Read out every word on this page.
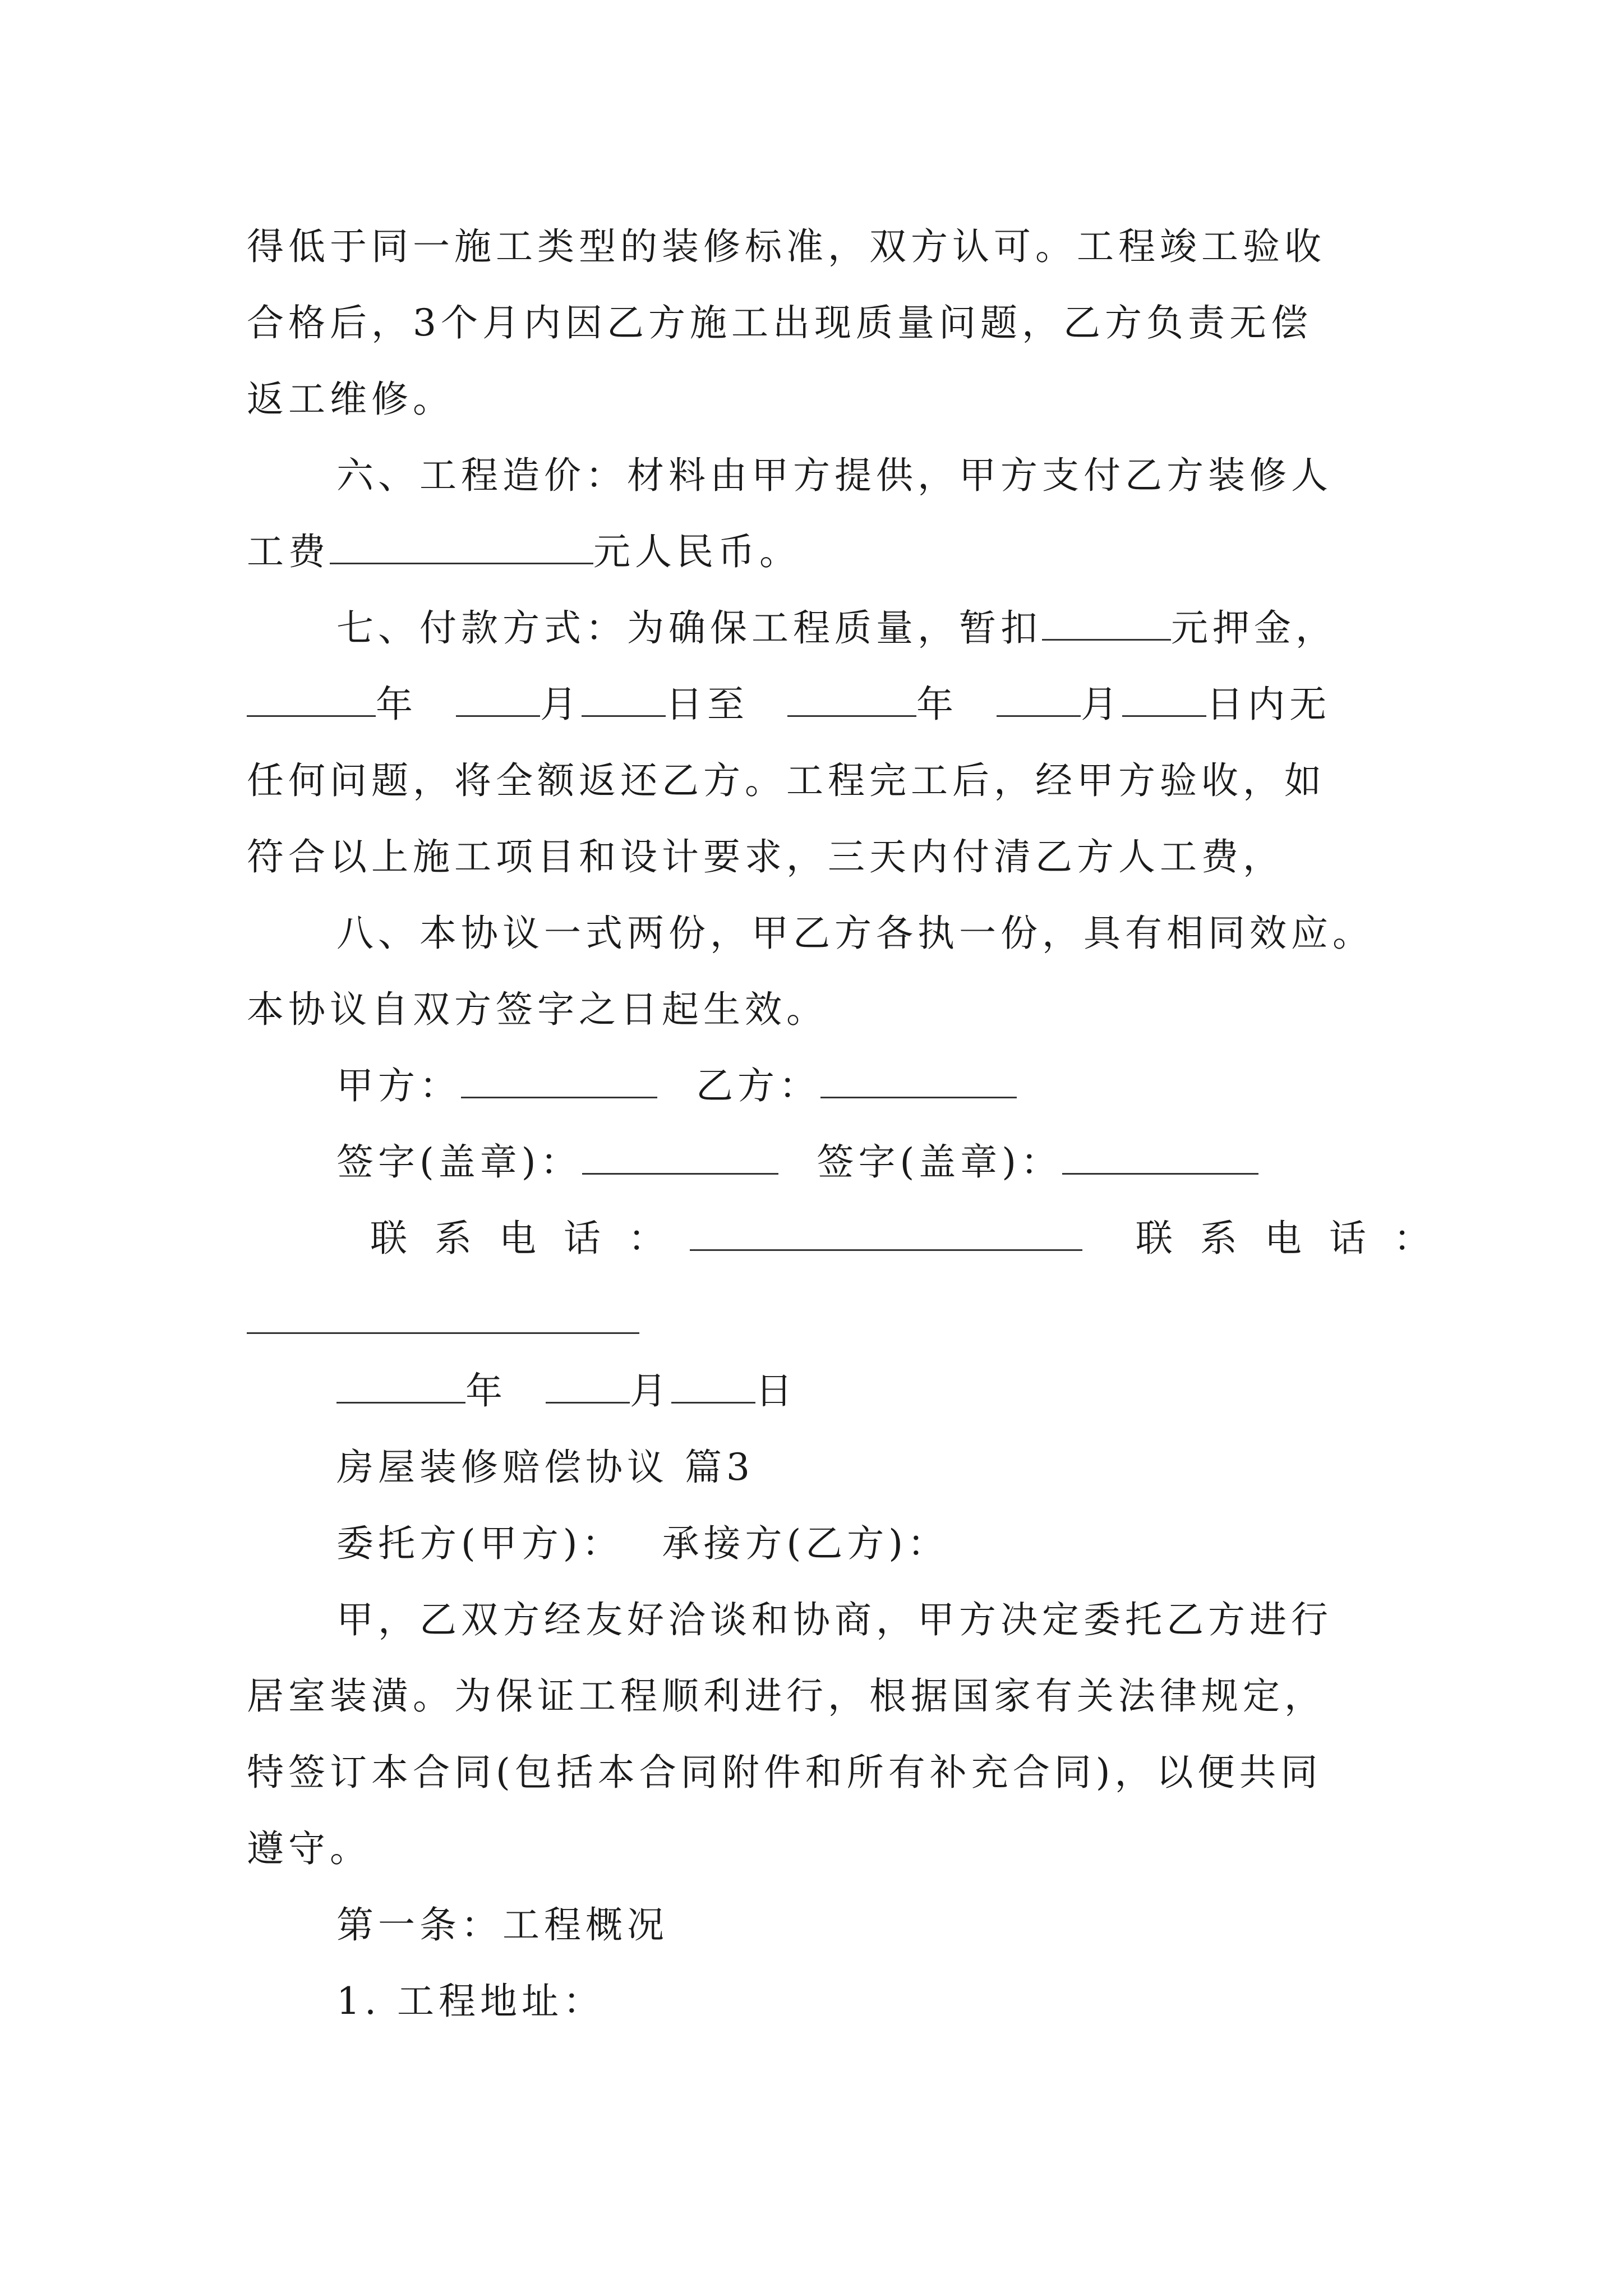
得低于同一施工类型的装修标准，双方认可。工程竣工验收
合格后，3个月内因乙方施工出现质量问题，乙方负责无偿
返工维修。
六、工程造价：材料由甲方提供，甲方支付乙方装修人
工费	元人民币。
七、付款方式：为确保工程质量，暂扣	元押金，
年	月 日至	年	月 日内无
任何问题，将全额返还乙方。工程完工后，经甲方验收，如
符合以上施工项目和设计要求，三天内付清乙方人工费，
八、本协议一式两份，甲乙方各执一份，具有相同效应。
本协议自双方签字之日起生效。
甲方：	乙方：
签字(盖章)：	签字(盖章)：
联 系 电 话 ：	联 系 电 话 ：
年	月 日
房屋装修赔偿协议 篇3
委托方(甲方)： 承接方(乙方)：
甲，乙双方经友好洽谈和协商，甲方决定委托乙方进行
居室装潢。为保证工程顺利进行，根据国家有关法律规定，
特签订本合同(包括本合同附件和所有补充合同)，以便共同
遵守。
第一条：工程概况
1. 工程地址：
